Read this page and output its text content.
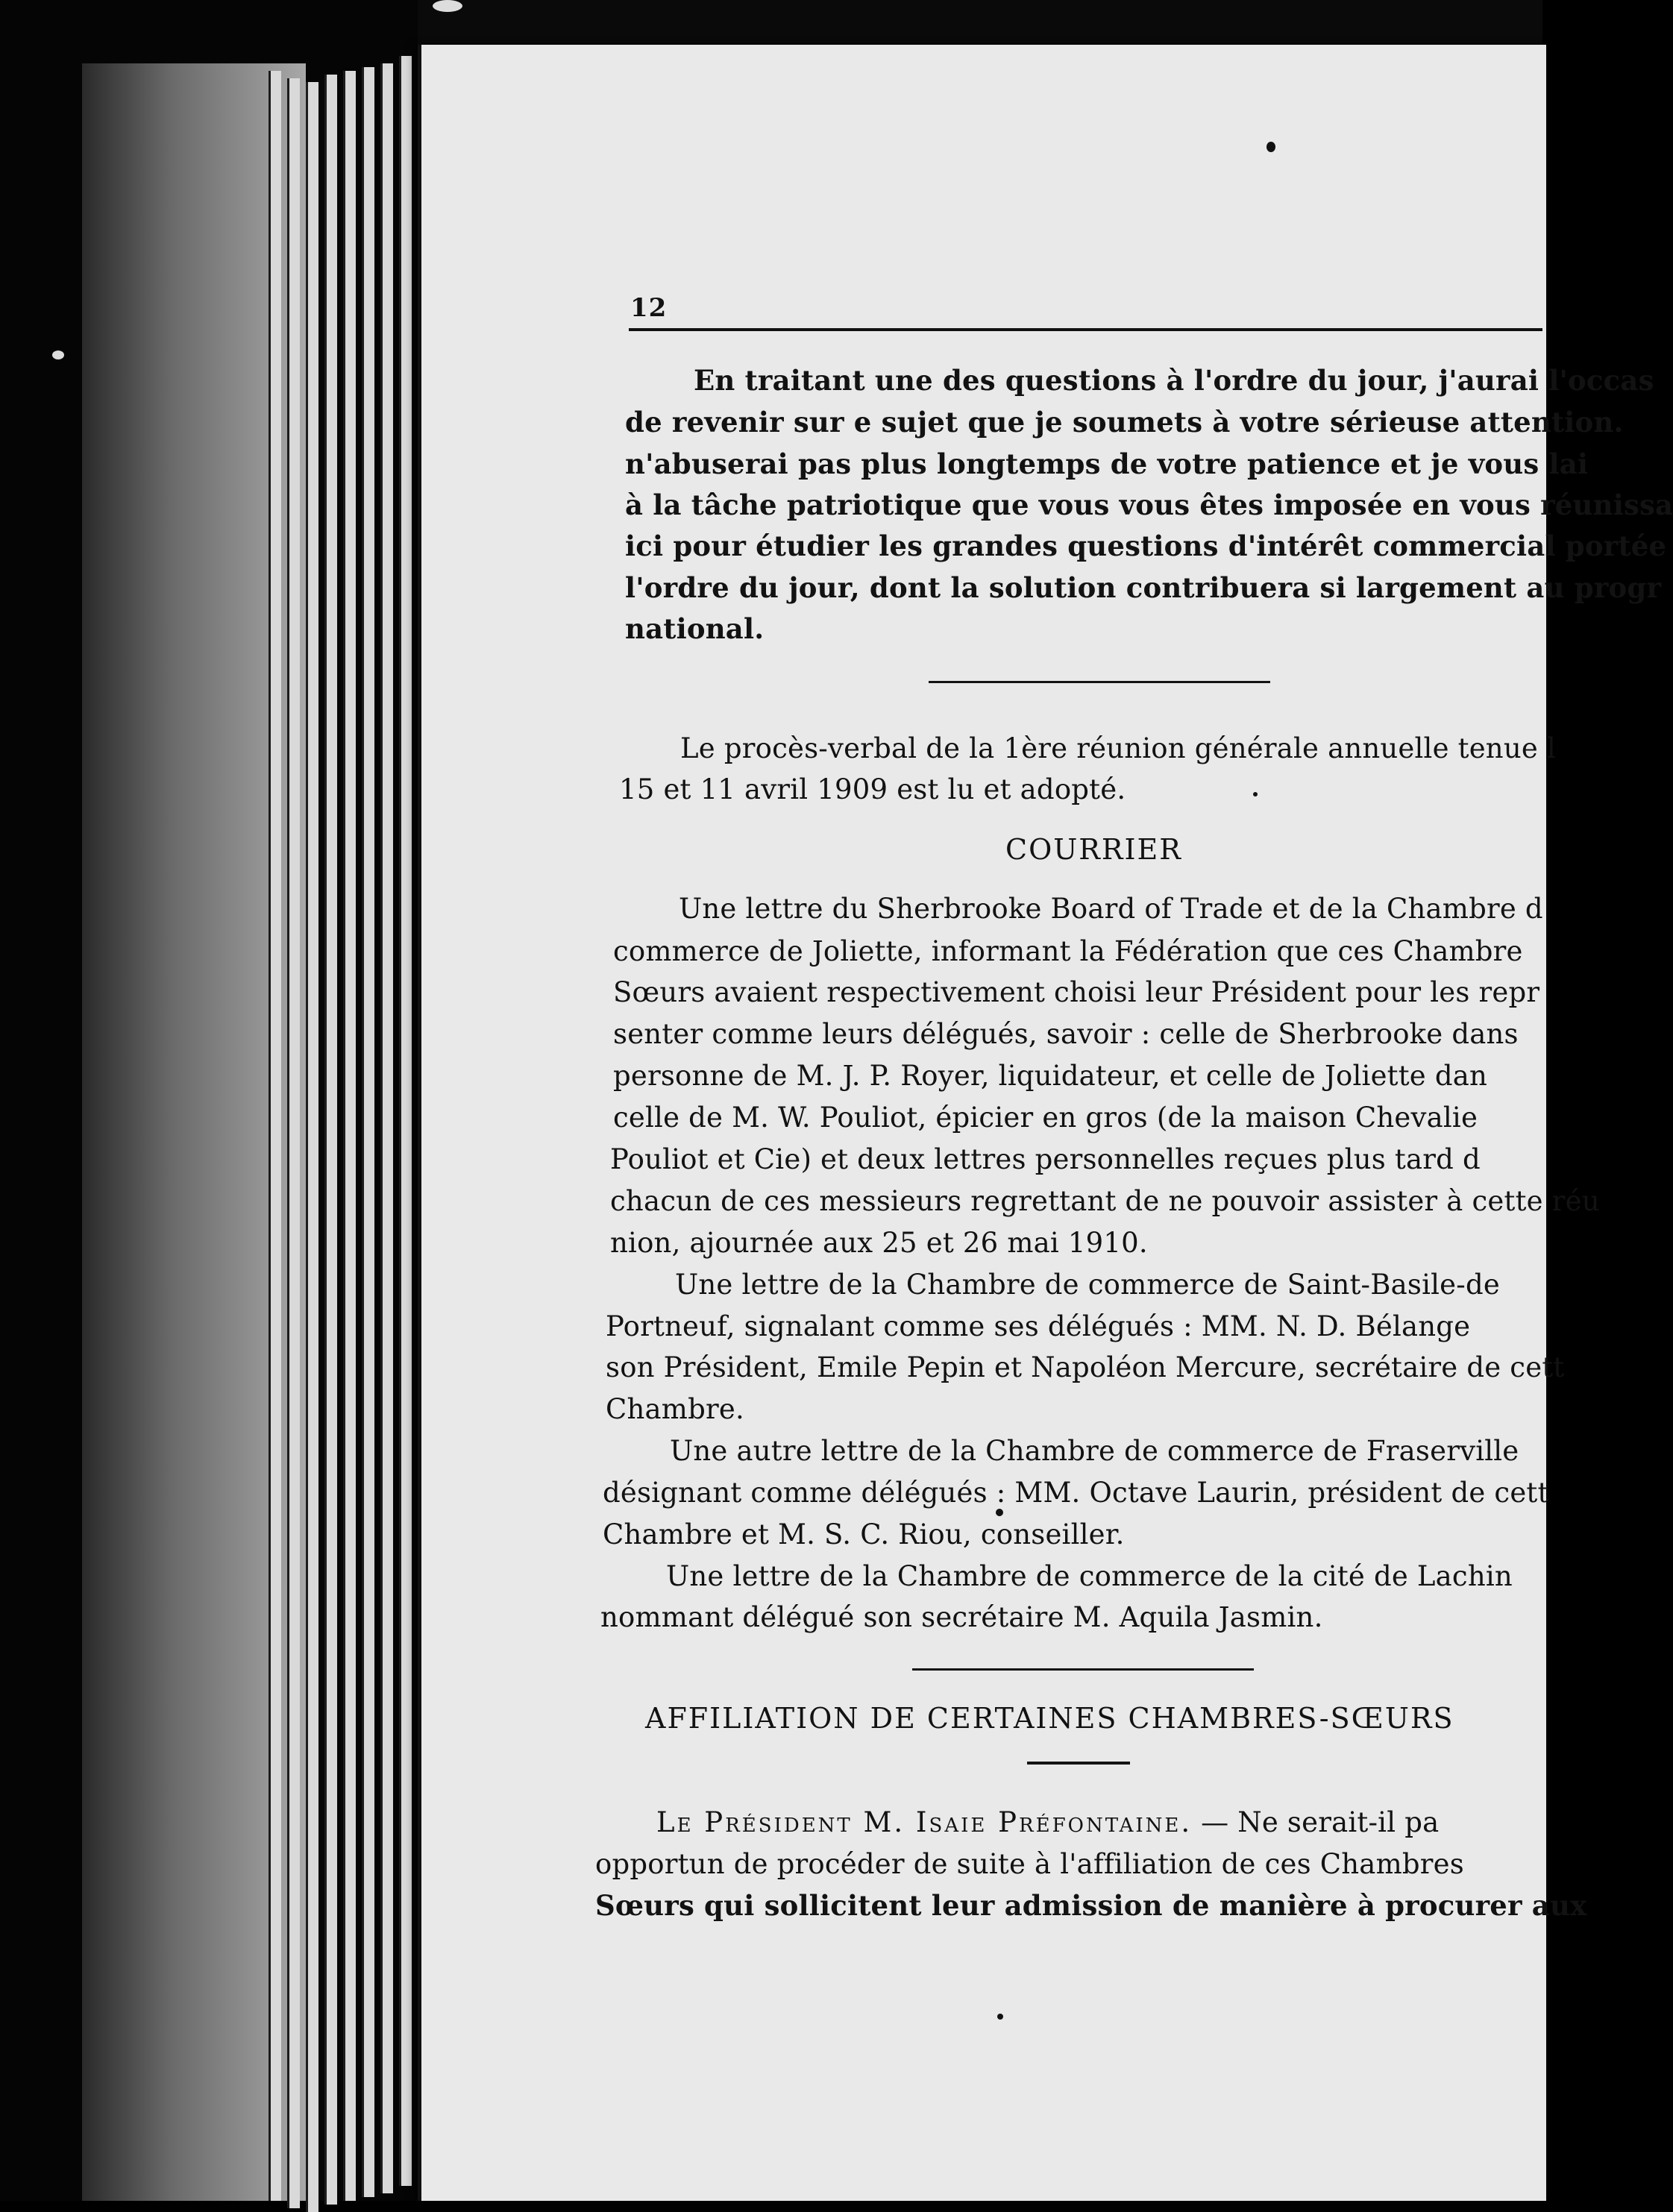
12
En traitant une des questions à l'ordre du jour, j'aurai l'occas
de revenir sur e sujet que je soumets à votre sérieuse attention.
n'abuserai pas plus longtemps de votre patience et je vous lai
à la tâche patriotique que vous vous êtes imposée en vous réunissa
ici pour étudier les grandes questions d'intérêt commercial portée
l'ordre du jour, dont la solution contribuera si largement au progr
national.
Le procès-verbal de la 1ère réunion générale annuelle tenue l
15 et 11 avril 1909 est lu et adopté.
COURRIER
Une lettre du Sherbrooke Board of Trade et de la Chambre d
commerce de Joliette, informant la Fédération que ces Chambre
Sœurs avaient respectivement choisi leur Président pour les repr
senter comme leurs délégués, savoir : celle de Sherbrooke dans
personne de M. J. P. Royer, liquidateur, et celle de Joliette dan
celle de M. W. Pouliot, épicier en gros (de la maison Chevalie
Pouliot et Cie) et deux lettres personnelles reçues plus tard d
chacun de ces messieurs regrettant de ne pouvoir assister à cette réu
nion, ajournée aux 25 et 26 mai 1910.
Une lettre de la Chambre de commerce de Saint-Basile-de
Portneuf, signalant comme ses délégués : MM. N. D. Bélange
son Président, Emile Pepin et Napoléon Mercure, secrétaire de cett
Chambre.
Une autre lettre de la Chambre de commerce de Fraserville
désignant comme délégués : MM. Octave Laurin, président de cett
Chambre et M. S. C. Riou, conseiller.
Une lettre de la Chambre de commerce de la cité de Lachin
nommant délégué son secrétaire M. Aquila Jasmin.
AFFILIATION DE CERTAINES CHAMBRES-SŒURS
Le Président M. Isaie Préfontaine. — Ne serait-il pa
opportun de procéder de suite à l'affiliation de ces Chambres
Sœurs qui sollicitent leur admission de manière à procurer aux
